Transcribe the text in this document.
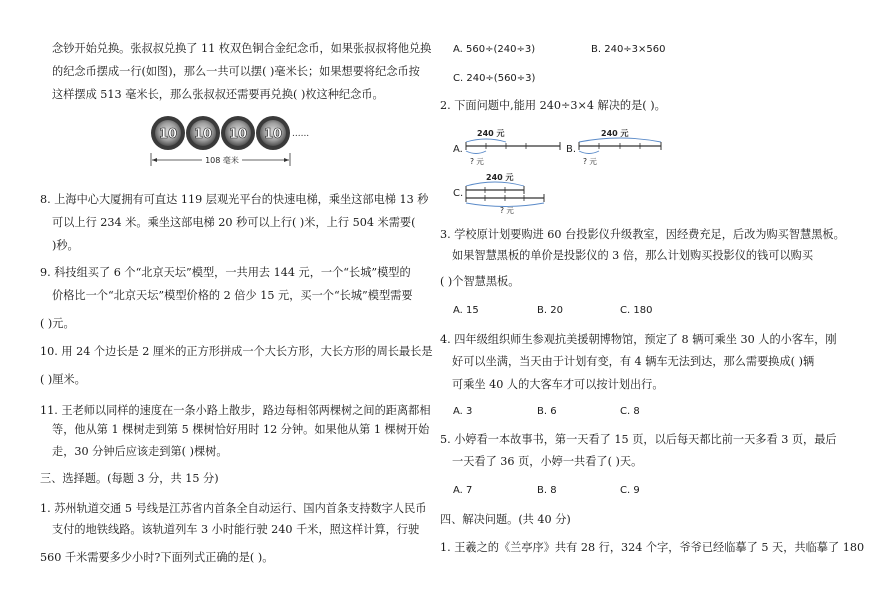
念钞开始兑换。张叔叔兑换了 11 枚双色铜合金纪念币，如果张叔叔将他兑换
的纪念币摆成一行(如图)，那么一共可以摆( )毫米长；如果想要将纪念币按
这样摆成 513 毫米长，那么张叔叔还需要再兑换( )枚这种纪念币。
10 10 10 10 ......
108 毫米
8. 上海中心大厦拥有可直达 119 层观光平台的快速电梯，乘坐这部电梯 13 秒
可以上行 234 米。乘坐这部电梯 20 秒可以上行( )米，上行 504 米需要(
)秒。
9. 科技组买了 6 个“北京天坛”模型，一共用去 144 元，一个“长城”模型的
价格比一个“北京天坛”模型价格的 2 倍少 15 元，买一个“长城”模型需要
( )元。
10. 用 24 个边长是 2 厘米的正方形拼成一个大长方形，大长方形的周长最长是
( )厘米。
11. 王老师以同样的速度在一条小路上散步，路边每相邻两棵树之间的距离都相
等，他从第 1 棵树走到第 5 棵树恰好用时 12 分钟。如果他从第 1 棵树开始
走，30 分钟后应该走到第( )棵树。
三、选择题。(每题 3 分，共 15 分)
1. 苏州轨道交通 5 号线是江苏省内首条全自动运行、国内首条支持数字人民币
支付的地铁线路。该轨道列车 3 小时能行驶 240 千米，照这样计算，行驶
560 千米需要多少小时?下面列式正确的是( )。
A. 560÷(240÷3)	B. 240÷3×560
C. 240÷(560÷3)
2. 下面问题中,能用 240÷3×4 解决的是( )。
A.
240 元
? 元
B.
240 元
? 元
C.
240 元
? 元
3. 学校原计划要购进 60 台投影仪升级教室，因经费充足，后改为购买智慧黑板。
如果智慧黑板的单价是投影仪的 3 倍，那么计划购买投影仪的钱可以购买
( )个智慧黑板。
A. 15	B. 20	C. 180
4. 四年级组织师生参观抗美援朝博物馆，预定了 8 辆可乘坐 30 人的小客车，刚
好可以坐满，当天由于计划有变，有 4 辆车无法到达，那么需要换成( )辆
可乘坐 40 人的大客车才可以按计划出行。
A. 3	B. 6	C. 8
5. 小婷看一本故事书，第一天看了 15 页，以后每天都比前一天多看 3 页，最后
一天看了 36 页，小婷一共看了( )天。
A. 7	B. 8	C. 9
四、解决问题。(共 40 分)
1. 王羲之的《兰亭序》共有 28 行，324 个字，爷爷已经临摹了 5 天，共临摹了 180
